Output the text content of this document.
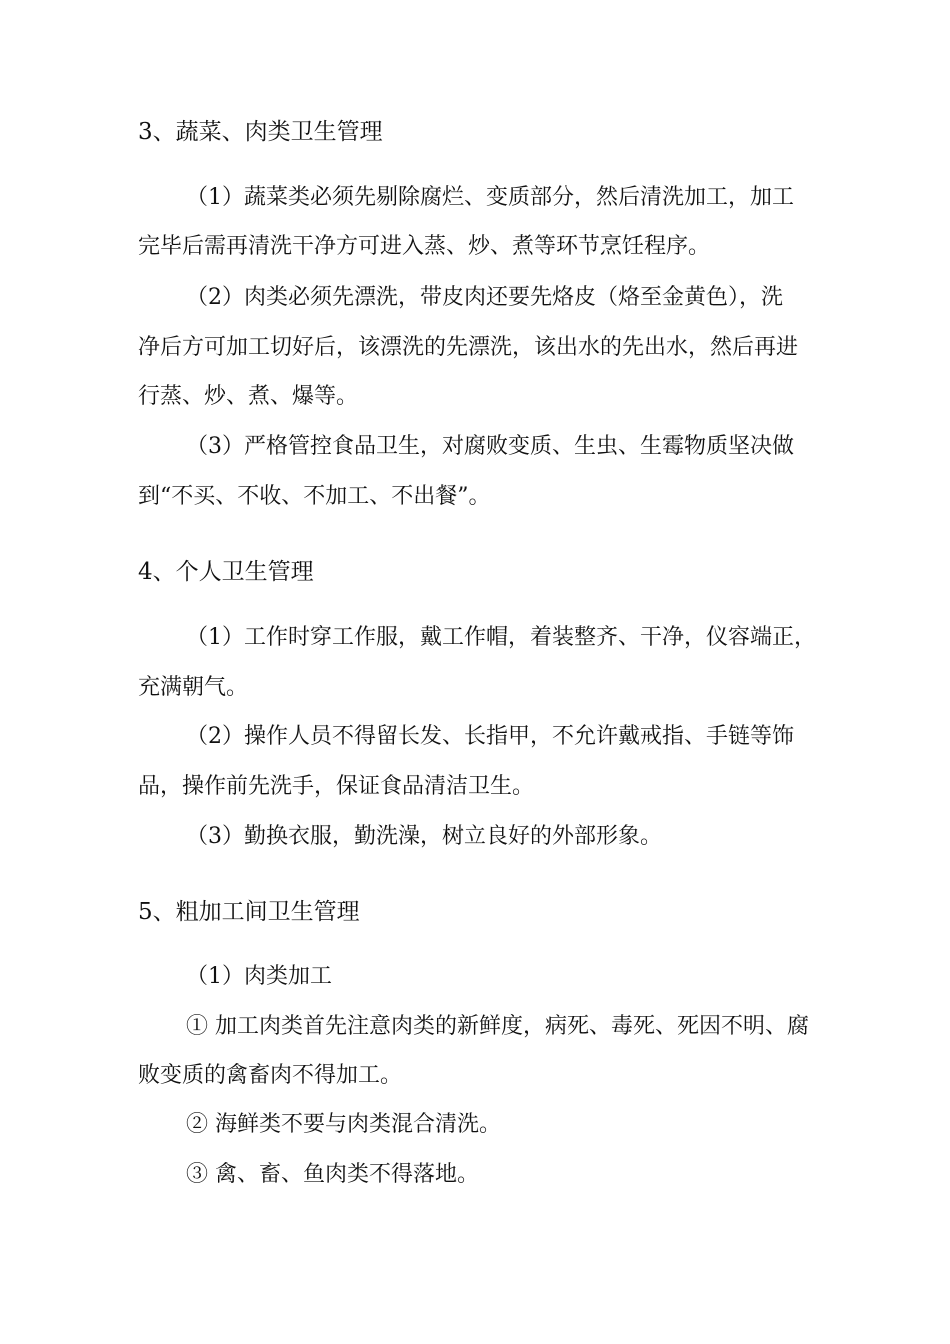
3、蔬菜、肉类卫生管理
（1）蔬菜类必须先剔除腐烂、变质部分，然后清洗加工，加工
完毕后需再清洗干净方可进入蒸、炒、煮等环节烹饪程序。
（2）肉类必须先漂洗，带皮肉还要先烙皮（烙至金黄色），洗
净后方可加工切好后，该漂洗的先漂洗，该出水的先出水，然后再进
行蒸、炒、煮、爆等。
（3）严格管控食品卫生，对腐败变质、生虫、生霉物质坚决做
到“不买、不收、不加工、不出餐”。
4、个人卫生管理
（1）工作时穿工作服，戴工作帽，着装整齐、干净，仪容端正，
充满朝气。
（2）操作人员不得留长发、长指甲，不允许戴戒指、手链等饰
品，操作前先洗手，保证食品清洁卫生。
（3）勤换衣服，勤洗澡，树立良好的外部形象。
5、粗加工间卫生管理
（1）肉类加工
① 加工肉类首先注意肉类的新鲜度，病死、毒死、死因不明、腐
败变质的禽畜肉不得加工。
② 海鲜类不要与肉类混合清洗。
③ 禽、畜、鱼肉类不得落地。
